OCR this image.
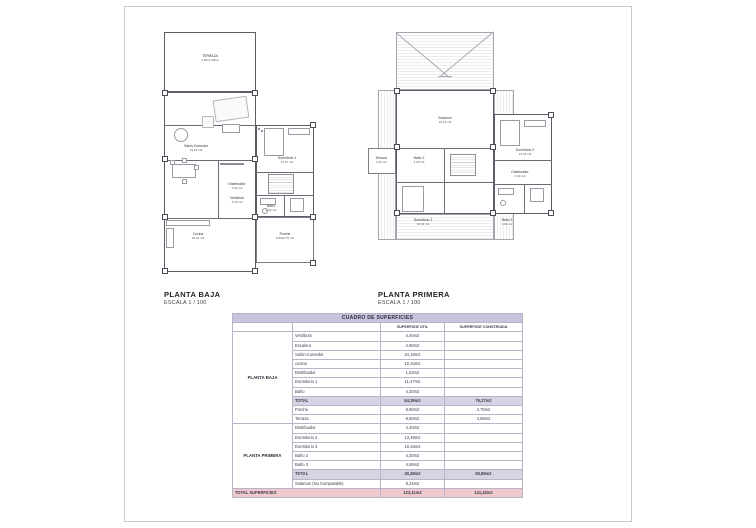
TERRAZA
9.60x1.00m2
Salón-Comedor
24.19 m2
Dormitorio 1
11.47 m2
Vestíbulo
4.40 m2
Baño
4.30 m2
Distribuidor
1.62 m2
Cocina
10.34 m2
Porche
9.50x0.70 m2
PLANTA BAJA
ESCALA 1 / 100
Solarium
10.31 m2
Dormitorio 2
13.49 m2
Terraza
1.91 m2
Baño 2
4.30 m2
Distribuidor
4.40 m2
Dormitorio 3
10.34 m2
Baño 3
4.69 m2
PLANTA PRIMERA
ESCALA 1 / 100
CUADRO DE SUPERFICIES			
		SUPERFICIE ÚTIL	SUPERFICIE CONSTRUIDA
PLANTA BAJA	Vestíbulo	4,40m2	
	Escalera	4,90m2	
	Salón-Comedor	24,19m2	
	cocina	10,34m2	
	Distribuidor	1,62m2	
	Dormitorio 1	11,47m2	
	Baño	4,30m2	
	TOTAL	64,39m2	76,27m2
	Porche	9,50m2	4,75m2
	Terraza	9,60m2	4,68m2
PLANTA PRIMERA	Distribuidor	4,40m2	
	Dormitorio 2	13,49m2	
	Dormitorio 3	10,34m2	
	Baño 2	4,30m2	
	Baño 3	4,69m2	
	TOTAL	40,28m2	50,89m2
	Solarium (No Computable)	9,24m2	
TOTAL SUPERFICIES		123,11m2	141,32m2
